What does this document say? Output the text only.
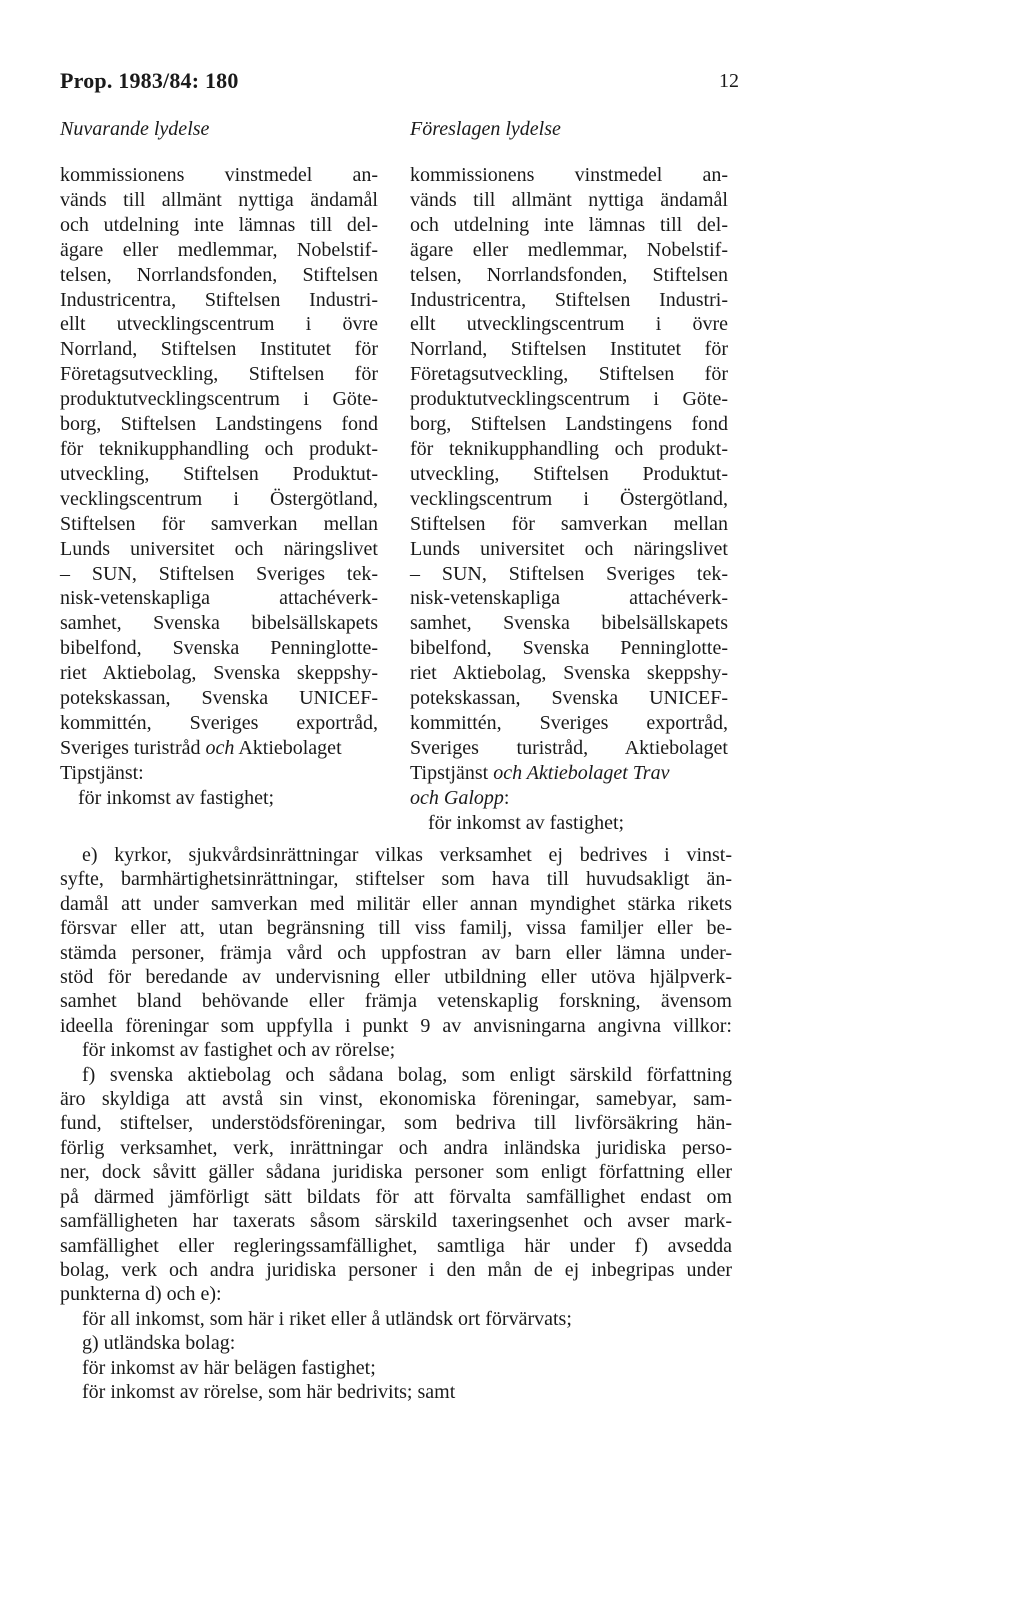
Prop. 1983/84: 180	12
Nuvarande lydelse	Föreslagen lydelse
kommissionens vinstmedel an-
vänds till allmänt nyttiga ändamål
och utdelning inte lämnas till del-
ägare eller medlemmar, Nobelstif-
telsen, Norrlandsfonden, Stiftelsen
Industricentra, Stiftelsen Industri-
ellt utvecklingscentrum i övre
Norrland, Stiftelsen Institutet för
Företagsutveckling, Stiftelsen för
produktutvecklingscentrum i Göte-
borg, Stiftelsen Landstingens fond
för teknikupphandling och produkt-
utveckling, Stiftelsen Produktut-
vecklingscentrum i Östergötland,
Stiftelsen för samverkan mellan
Lunds universitet och näringslivet
– SUN, Stiftelsen Sveriges tek-
nisk-vetenskapliga attachéverk-
samhet, Svenska bibelsällskapets
bibelfond, Svenska Penninglotte-
riet Aktiebolag, Svenska skeppshy-
potekskassan, Svenska UNICEF-
kommittén, Sveriges exportråd,
Sveriges turistråd och Aktiebolaget
Tipstjänst:
för inkomst av fastighet;
kommissionens vinstmedel an-
vänds till allmänt nyttiga ändamål
och utdelning inte lämnas till del-
ägare eller medlemmar, Nobelstif-
telsen, Norrlandsfonden, Stiftelsen
Industricentra, Stiftelsen Industri-
ellt utvecklingscentrum i övre
Norrland, Stiftelsen Institutet för
Företagsutveckling, Stiftelsen för
produktutvecklingscentrum i Göte-
borg, Stiftelsen Landstingens fond
för teknikupphandling och produkt-
utveckling, Stiftelsen Produktut-
vecklingscentrum i Östergötland,
Stiftelsen för samverkan mellan
Lunds universitet och näringslivet
– SUN, Stiftelsen Sveriges tek-
nisk-vetenskapliga attachéverk-
samhet, Svenska bibelsällskapets
bibelfond, Svenska Penninglotte-
riet Aktiebolag, Svenska skeppshy-
potekskassan, Svenska UNICEF-
kommittén, Sveriges exportråd,
Sveriges turistråd, Aktiebolaget
Tipstjänst och Aktiebolaget Trav
och Galopp:
för inkomst av fastighet;
e) kyrkor, sjukvårdsinrättningar vilkas verksamhet ej bedrives i vinst-
syfte, barmhärtighetsinrättningar, stiftelser som hava till huvudsakligt än-
damål att under samverkan med militär eller annan myndighet stärka rikets
försvar eller att, utan begränsning till viss familj, vissa familjer eller be-
stämda personer, främja vård och uppfostran av barn eller lämna under-
stöd för beredande av undervisning eller utbildning eller utöva hjälpverk-
samhet bland behövande eller främja vetenskaplig forskning, ävensom
ideella föreningar som uppfylla i punkt 9 av anvisningarna angivna villkor:
för inkomst av fastighet och av rörelse;
f) svenska aktiebolag och sådana bolag, som enligt särskild författning
äro skyldiga att avstå sin vinst, ekonomiska föreningar, samebyar, sam-
fund, stiftelser, understödsföreningar, som bedriva till livförsäkring hän-
förlig verksamhet, verk, inrättningar och andra inländska juridiska perso-
ner, dock såvitt gäller sådana juridiska personer som enligt författning eller
på därmed jämförligt sätt bildats för att förvalta samfällighet endast om
samfälligheten har taxerats såsom särskild taxeringsenhet och avser mark-
samfällighet eller regleringssamfällighet, samtliga här under f) avsedda
bolag, verk och andra juridiska personer i den mån de ej inbegripas under
punkterna d) och e):
för all inkomst, som här i riket eller å utländsk ort förvärvats;
g) utländska bolag:
för inkomst av här belägen fastighet;
för inkomst av rörelse, som här bedrivits; samt
